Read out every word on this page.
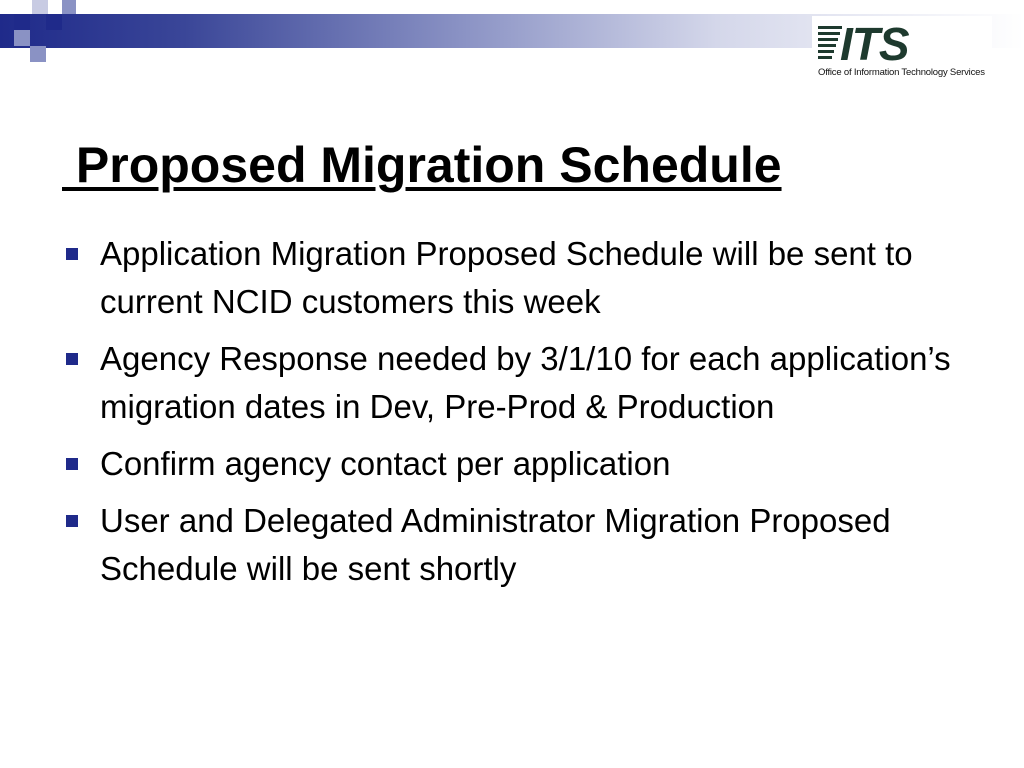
ITS
Office of Information Technology Services
Proposed Migration Schedule
Application Migration Proposed Schedule will be sent to current NCID customers this week
Agency Response needed by 3/1/10 for each application’s migration dates in Dev, Pre-Prod & Production
Confirm agency contact per application
User and Delegated Administrator Migration Proposed Schedule will be sent shortly
